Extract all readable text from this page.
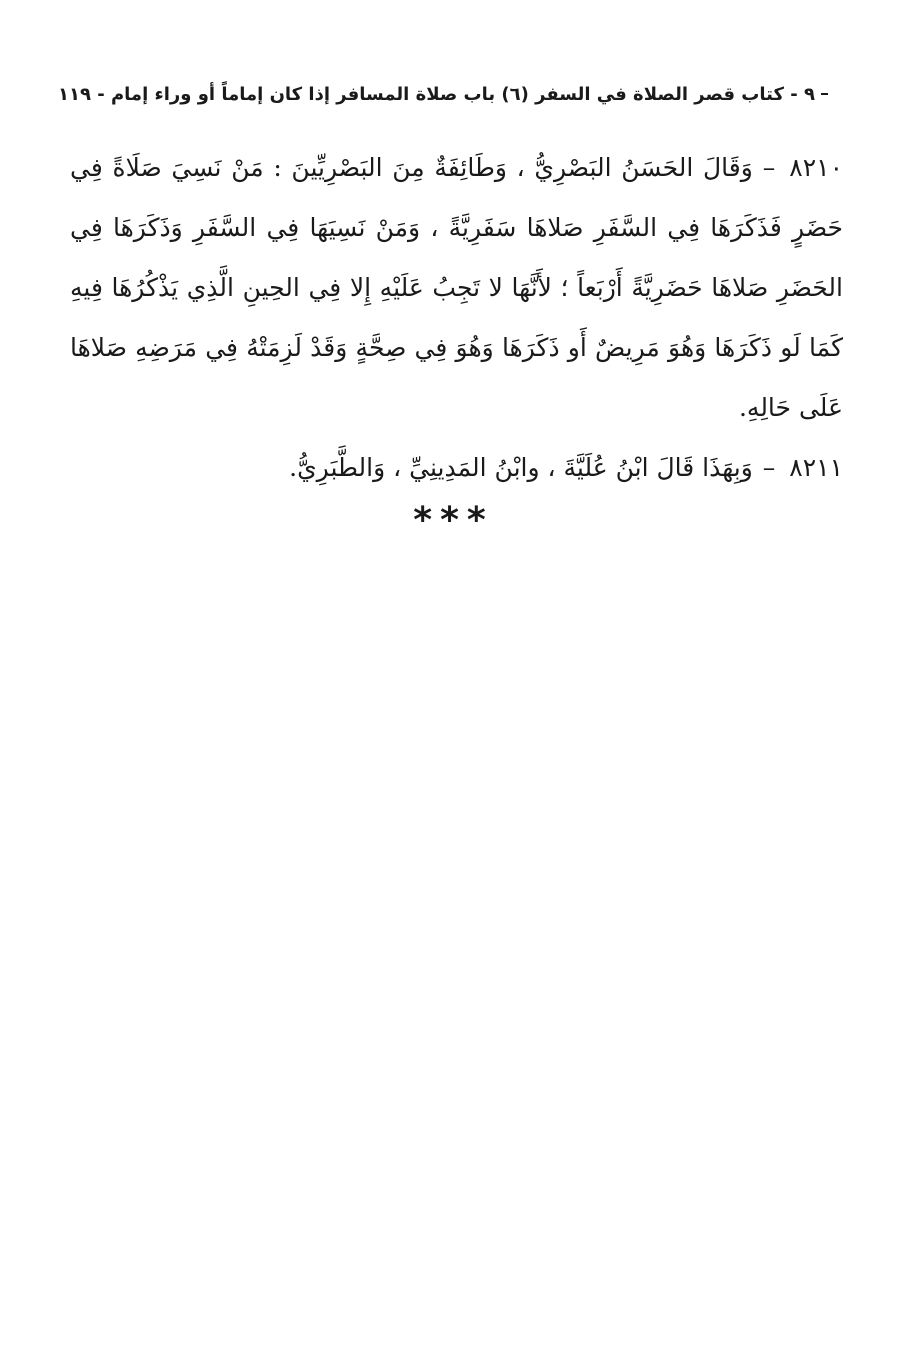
٩ - كتاب قصر الصلاة في السفر (٦) باب صلاة المسافر إذا كان إماماً أو وراء إمام - ١١٩

٨٢١٠–وَقَالَ الحَسَنُ البَصْرِيُّ ، وَطَائِفَةٌ مِنَ البَصْرِيِّينَ : مَنْ نَسِيَ صَلَاةً فِي حَضَرٍ فَذَكَرَهَا فِي السَّفَرِ صَلاهَا سَفَرِيَّةً ، وَمَنْ نَسِيَهَا فِي السَّفَرِ وَذَكَرَهَا فِي الحَضَرِ صَلاهَا حَضَرِيَّةً أَرْبَعاً ؛ لأَنَّهَا لا تَجِبُ عَلَيْهِ إِلا فِي الحِينِ الَّذِي يَذْكُرُهَا فِيهِ كَمَا لَو ذَكَرَهَا وَهُوَ مَرِيضٌ أَو ذَكَرَهَا وَهُوَ فِي صِحَّةٍ وَقَدْ لَزِمَتْهُ فِي مَرَضِهِ صَلاهَا عَلَى حَالِهِ.

٨٢١١–وَبِهَذَا قَالَ ابْنُ عُلَيَّةَ ، وابْنُ المَدِينِيِّ ، وَالطَّبَرِيُّ.

***
